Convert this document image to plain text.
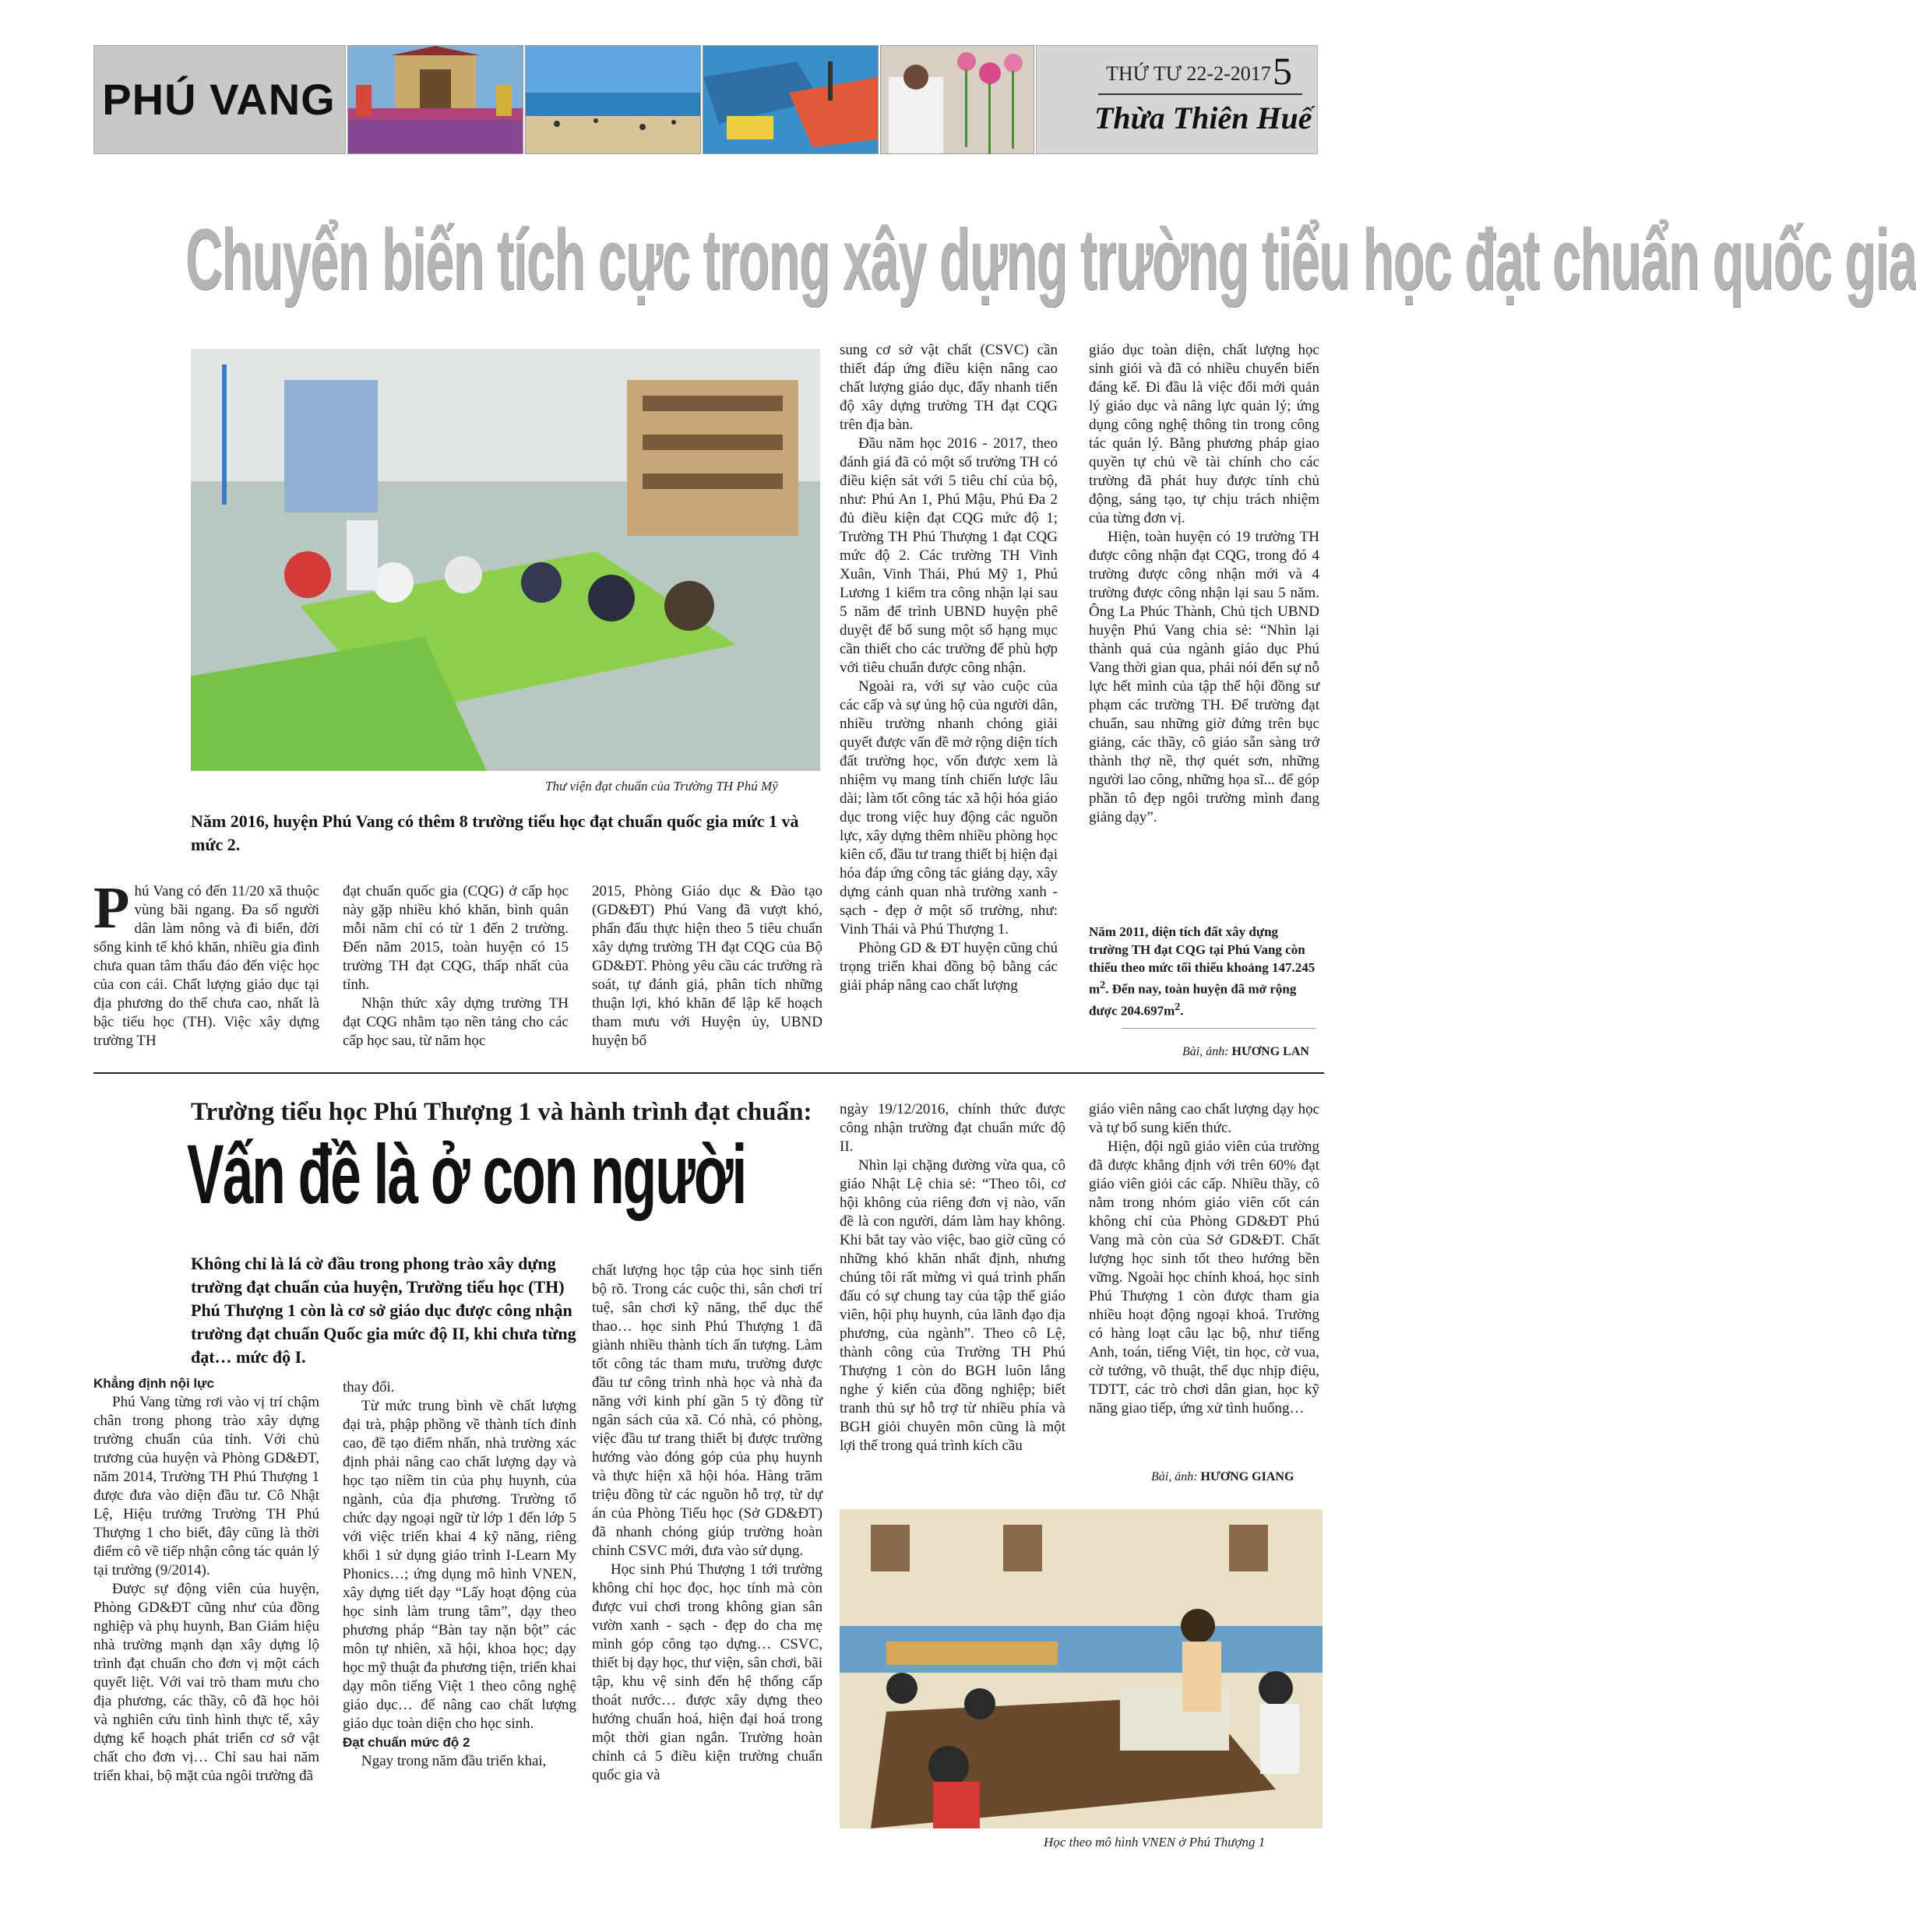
PHÚ VANG
THỨ TƯ 22-2-2017 5
Thừa Thiên Huế
Chuyển biến tích cực trong xây dựng trường tiểu học đạt chuẩn quốc gia
Thư viện đạt chuẩn của Trường TH Phú Mỹ
Năm 2016, huyện Phú Vang có thêm 8 trường tiểu học đạt chuẩn quốc gia mức 1 và mức 2.
Phú Vang có đến 11/20 xã thuộc vùng bãi ngang. Đa số người dân làm nông và đi biển, đời sống kinh tế khó khăn, nhiều gia đình chưa quan tâm thấu đáo đến việc học của con cái. Chất lượng giáo dục tại địa phương do thế chưa cao, nhất là bậc tiểu học (TH). Việc xây dựng trường TH

đạt chuẩn quốc gia (CQG) ở cấp học này gặp nhiều khó khăn, bình quân mỗi năm chỉ có từ 1 đến 2 trường. Đến năm 2015, toàn huyện có 15 trường TH đạt CQG, thấp nhất của tỉnh.

Nhận thức xây dựng trường TH đạt CQG nhằm tạo nền tảng cho các cấp học sau, từ năm học

2015, Phòng Giáo dục & Đào tạo (GD&ĐT) Phú Vang đã vượt khó, phấn đấu thực hiện theo 5 tiêu chuẩn xây dựng trường TH đạt CQG của Bộ GD&ĐT. Phòng yêu cầu các trường rà soát, tự đánh giá, phân tích những thuận lợi, khó khăn để lập kế hoạch tham mưu với Huyện ủy, UBND huyện bổ

sung cơ sở vật chất (CSVC) cần thiết đáp ứng điều kiện nâng cao chất lượng giáo dục, đẩy nhanh tiến độ xây dựng trường TH đạt CQG trên địa bàn.

Đầu năm học 2016 - 2017, theo đánh giá đã có một số trường TH có điều kiện sát với 5 tiêu chí của bộ, như: Phú An 1, Phú Mậu, Phú Đa 2 đủ điều kiện đạt CQG mức độ 1; Trường TH Phú Thượng 1 đạt CQG mức độ 2. Các trường TH Vinh Xuân, Vinh Thái, Phú Mỹ 1, Phú Lương 1 kiểm tra công nhận lại sau 5 năm để trình UBND huyện phê duyệt để bổ sung một số hạng mục cần thiết cho các trường để phù hợp với tiêu chuẩn được công nhận.

Ngoài ra, với sự vào cuộc của các cấp và sự ủng hộ của người dân, nhiều trường nhanh chóng giải quyết được vấn đề mở rộng diện tích đất trường học, vốn được xem là nhiệm vụ mang tính chiến lược lâu dài; làm tốt công tác xã hội hóa giáo dục trong việc huy động các nguồn lực, xây dựng thêm nhiều phòng học kiên cố, đầu tư trang thiết bị hiện đại hóa đáp ứng công tác giảng dạy, xây dựng cảnh quan nhà trường xanh - sạch - đẹp ở một số trường, như: Vinh Thái và Phú Thượng 1.

Phòng GD & ĐT huyện cũng chú trọng triển khai đồng bộ bằng các giải pháp nâng cao chất lượng

giáo dục toàn diện, chất lượng học sinh giỏi và đã có nhiều chuyển biến đáng kể. Đi đầu là việc đổi mới quản lý giáo dục và nâng lực quản lý; ứng dụng công nghệ thông tin trong công tác quản lý. Bằng phương pháp giao quyền tự chủ về tài chính cho các trường đã phát huy được tính chủ động, sáng tạo, tự chịu trách nhiệm của từng đơn vị.

Hiện, toàn huyện có 19 trường TH được công nhận đạt CQG, trong đó 4 trường được công nhận mới và 4 trường được công nhận lại sau 5 năm. Ông La Phúc Thành, Chủ tịch UBND huyện Phú Vang chia sẻ: “Nhìn lại thành quả của ngành giáo dục Phú Vang thời gian qua, phải nói đến sự nỗ lực hết mình của tập thể hội đồng sư phạm các trường TH. Để trường đạt chuẩn, sau những giờ đứng trên bục giảng, các thầy, cô giáo sẵn sàng trở thành thợ nề, thợ quét sơn, những người lao công, những họa sĩ... để góp phần tô đẹp ngôi trường mình đang giảng dạy”.

Năm 2011, diện tích đất xây dựng trường TH đạt CQG tại Phú Vang còn thiếu theo mức tối thiểu khoảng 147.245 $m^2$. Đến nay, toàn huyện đã mở rộng được $204.697m^2$.
Bài, ảnh: HƯƠNG LAN
Trường tiểu học Phú Thượng 1 và hành trình đạt chuẩn:
Vấn đề là ở con người
Không chỉ là lá cờ đầu trong phong trào xây dựng trường đạt chuẩn của huyện, Trường tiểu học (TH) Phú Thượng 1 còn là cơ sở giáo dục được công nhận trường đạt chuẩn Quốc gia mức độ II, khi chưa từng đạt… mức độ I.

Khẳng định nội lực

Phú Vang từng rơi vào vị trí chậm chân trong phong trào xây dựng trường chuẩn của tỉnh. Với chủ trương của huyện và Phòng GD&ĐT, năm 2014, Trường TH Phú Thượng 1 được đưa vào diện đầu tư. Cô Nhật Lệ, Hiệu trưởng Trường TH Phú Thượng 1 cho biết, đây cũng là thời điểm cô về tiếp nhận công tác quản lý tại trường (9/2014).

Được sự động viên của huyện, Phòng GD&ĐT cũng như của đồng nghiệp và phụ huynh, Ban Giám hiệu nhà trường mạnh dạn xây dựng lộ trình đạt chuẩn cho đơn vị một cách quyết liệt. Với vai trò tham mưu cho địa phương, các thầy, cô đã học hỏi và nghiên cứu tình hình thực tế, xây dựng kế hoạch phát triển cơ sở vật chất cho đơn vị… Chỉ sau hai năm triển khai, bộ mặt của ngôi trường đã

thay đổi.

Từ mức trung bình về chất lượng đại trà, phập phồng về thành tích đỉnh cao, đề tạo điểm nhấn, nhà trường xác định phải nâng cao chất lượng dạy và học tạo niềm tin của phụ huynh, của ngành, của địa phương. Trường tổ chức dạy ngoại ngữ từ lớp 1 đến lớp 5 với việc triển khai 4 kỹ năng, riêng khối 1 sử dụng giáo trình I-Learn My Phonics…; ứng dụng mô hình VNEN, xây dựng tiết dạy “Lấy hoạt động của học sinh làm trung tâm”, dạy theo phương pháp “Bàn tay nặn bột” các môn tự nhiên, xã hội, khoa học; dạy học mỹ thuật đa phương tiện, triển khai dạy môn tiếng Việt 1 theo công nghệ giáo dục… để nâng cao chất lượng giáo dục toàn diện cho học sinh.

Đạt chuẩn mức độ 2

Ngay trong năm đầu triển khai,

chất lượng học tập của học sinh tiến bộ rõ. Trong các cuộc thi, sân chơi trí tuệ, sân chơi kỹ năng, thể dục thể thao… học sinh Phú Thượng 1 đã giành nhiều thành tích ấn tượng. Làm tốt công tác tham mưu, trường được đầu tư công trình nhà học và nhà đa năng với kinh phí gần 5 tỷ đồng từ ngân sách của xã. Có nhà, có phòng, việc đầu tư trang thiết bị được trường hướng vào đóng góp của phụ huynh và thực hiện xã hội hóa. Hàng trăm triệu đồng từ các nguồn hỗ trợ, từ dự án của Phòng Tiểu học (Sở GD&ĐT) đã nhanh chóng giúp trường hoàn chỉnh CSVC mới, đưa vào sử dụng.

Học sinh Phú Thượng 1 tới trường không chỉ học đọc, học tính mà còn được vui chơi trong không gian sân vườn xanh - sạch - đẹp do cha mẹ mình góp công tạo dựng… CSVC, thiết bị dạy học, thư viện, sân chơi, bãi tập, khu vệ sinh đến hệ thống cấp thoát nước… được xây dựng theo hướng chuẩn hoá, hiện đại hoá trong một thời gian ngắn. Trường hoàn chỉnh cả 5 điều kiện trường chuẩn quốc gia và

ngày 19/12/2016, chính thức được công nhận trường đạt chuẩn mức độ II.

Nhìn lại chặng đường vừa qua, cô giáo Nhật Lệ chia sẻ: “Theo tôi, cơ hội không của riêng đơn vị nào, vấn đề là con người, dám làm hay không. Khi bắt tay vào việc, bao giờ cũng có những khó khăn nhất định, nhưng chúng tôi rất mừng vì quá trình phấn đấu có sự chung tay của tập thể giáo viên, hội phụ huynh, của lãnh đạo địa phương, của ngành”. Theo cô Lệ, thành công của Trường TH Phú Thượng 1 còn do BGH luôn lắng nghe ý kiến của đồng nghiệp; biết tranh thủ sự hỗ trợ từ nhiều phía và BGH giỏi chuyên môn cũng là một lợi thế trong quá trình kích cầu

giáo viên nâng cao chất lượng dạy học và tự bổ sung kiến thức.

Hiện, đội ngũ giáo viên của trường đã được khẳng định với trên 60% đạt giáo viên giỏi các cấp. Nhiều thầy, cô nằm trong nhóm giáo viên cốt cán không chỉ của Phòng GD&ĐT Phú Vang mà còn của Sở GD&ĐT. Chất lượng học sinh tốt theo hướng bền vững. Ngoài học chính khoá, học sinh Phú Thượng 1 còn được tham gia nhiều hoạt động ngoại khoá. Trường có hàng loạt câu lạc bộ, như tiếng Anh, toán, tiếng Việt, tin học, cờ vua, cờ tướng, võ thuật, thể dục nhịp điệu, TDTT, các trò chơi dân gian, học kỹ năng giao tiếp, ứng xử tình huống…

Bài, ảnh: HƯƠNG GIANG
Học theo mô hình VNEN ở Phú Thượng 1
